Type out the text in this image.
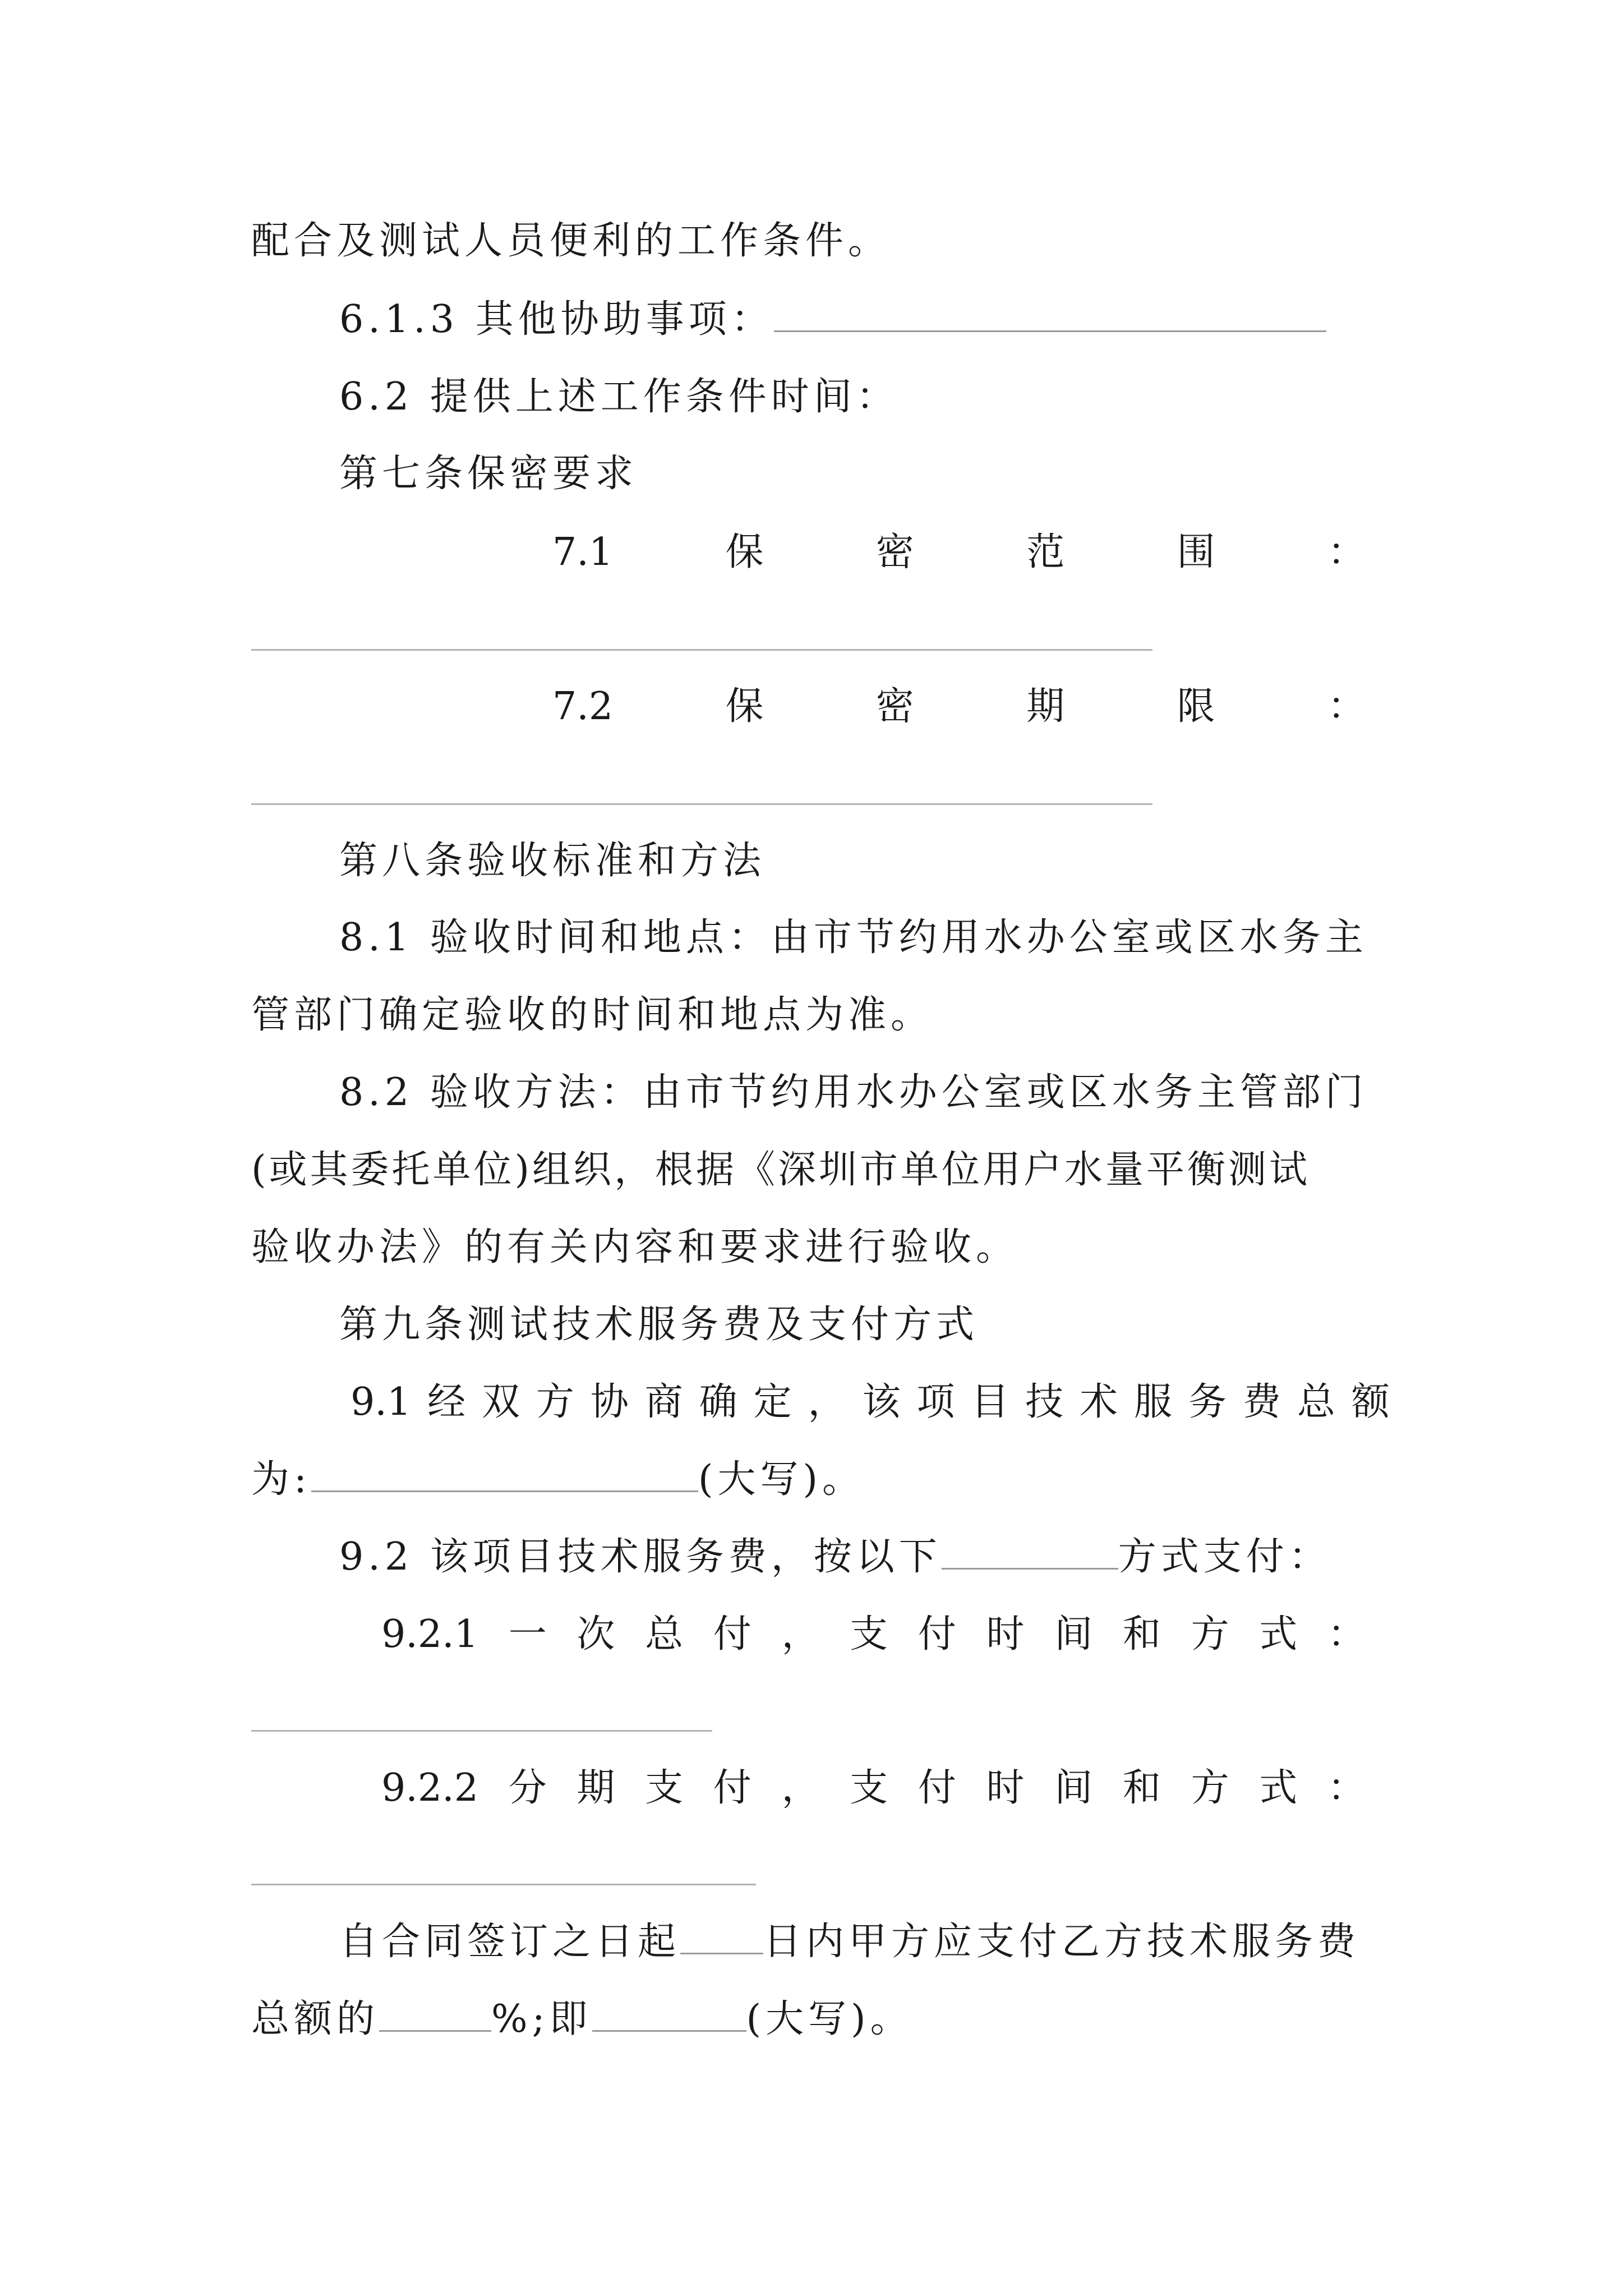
配合及测试人员便利的工作条件。
6.1.3 其他协助事项：
6.2 提供上述工作条件时间：
第七条保密要求
7.1	保	密	范	围	：
7.2	保	密	期	限	：
第八条验收标准和方法
8.1 验收时间和地点：由市节约用水办公室或区水务主
管部门确定验收的时间和地点为准。
8.2 验收方法：由市节约用水办公室或区水务主管部门
(或其委托单位)组织，根据《深圳市单位用户水量平衡测试
验收办法》的有关内容和要求进行验收。
第九条测试技术服务费及支付方式
9.1 经 双 方 协 商 确 定 ， 该 项 目 技 术 服 务 费 总 额
为:	(大写)。
9.2 该项目技术服务费，按以下	方式支付：
9.2.1 一 次 总 付 ， 支 付 时 间 和 方 式 ：
9.2.2 分 期 支 付 ， 支 付 时 间 和 方 式 ：
自合同签订之日起 日内甲方应支付乙方技术服务费
总额的	%;即	(大写)。
